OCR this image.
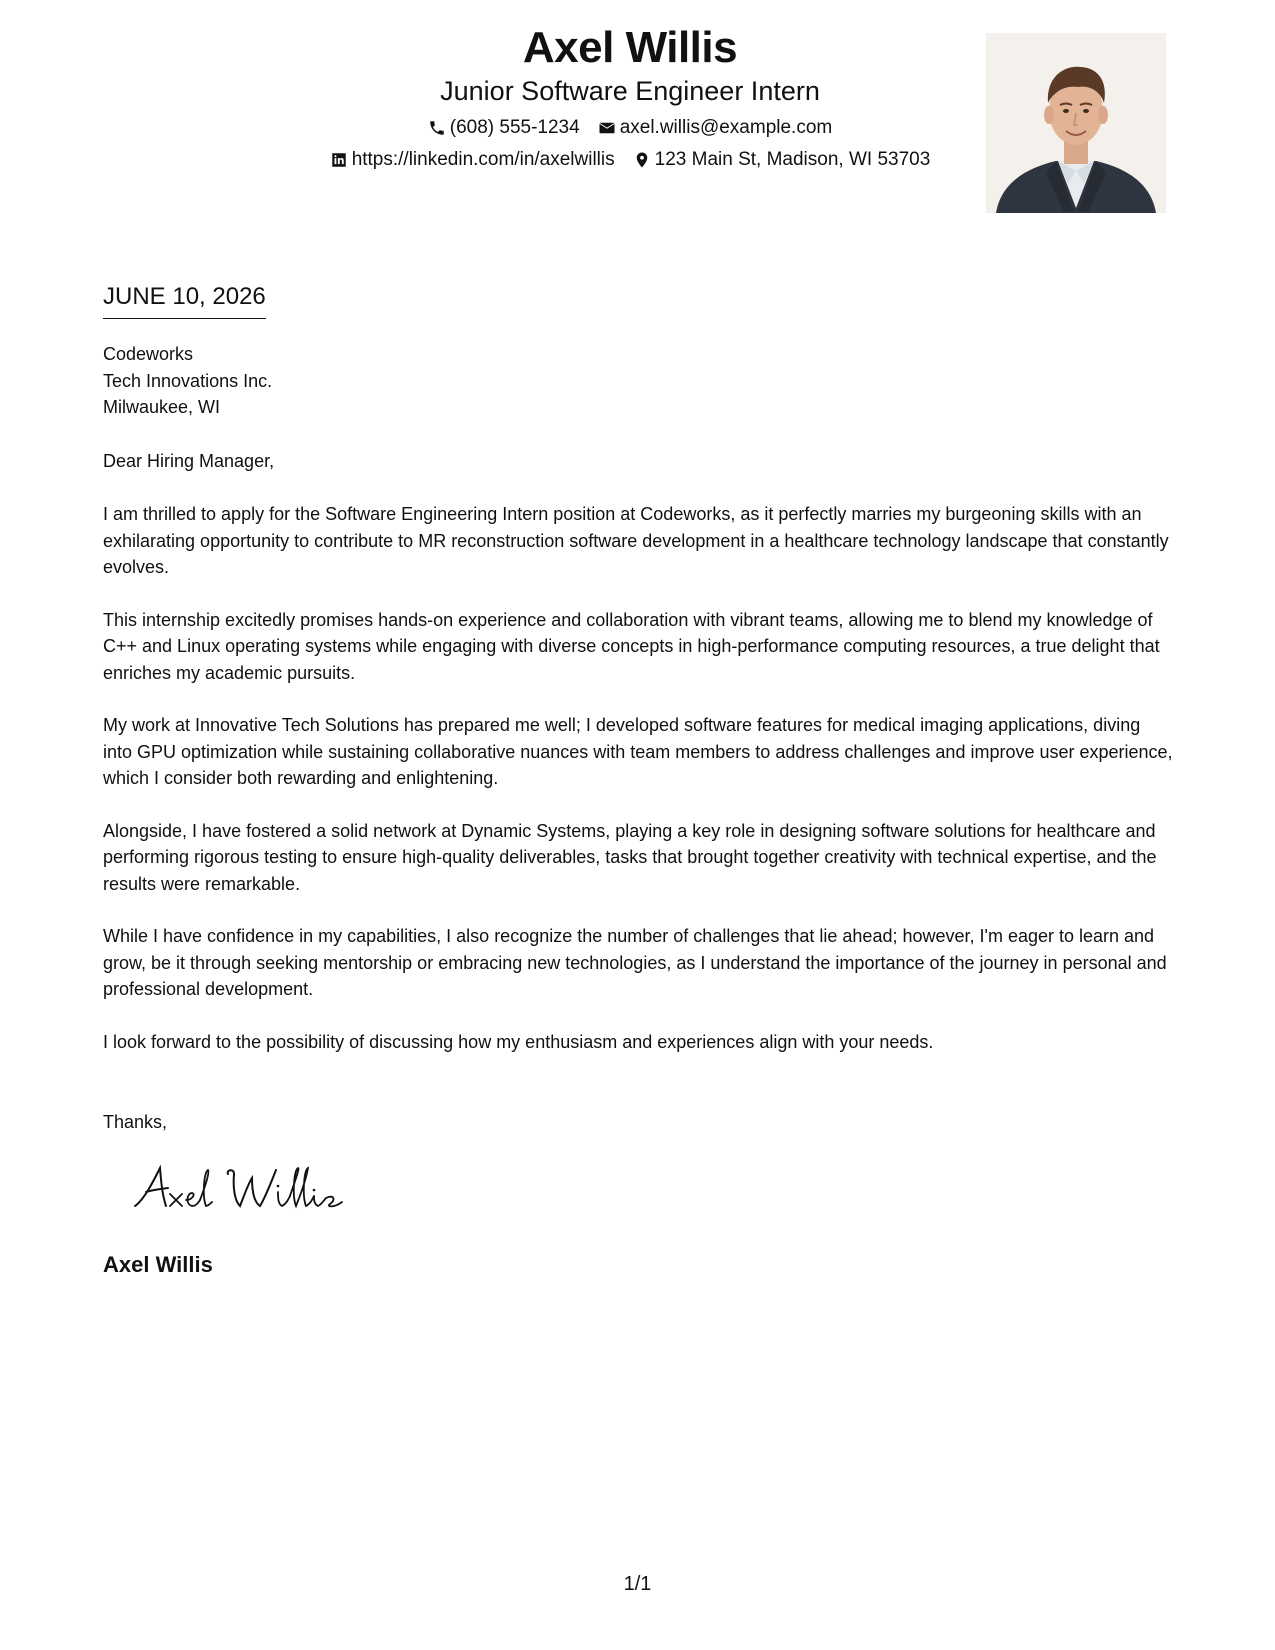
Axel Willis
Junior Software Engineer Intern
(608) 555-1234 axel.willis@example.com
https://linkedin.com/in/axelwillis 123 Main St, Madison, WI 53703
JUNE 10, 2026
Codeworks
Tech Innovations Inc.
Milwaukee, WI
Dear Hiring Manager,

I am thrilled to apply for the Software Engineering Intern position at Codeworks, as it perfectly marries my burgeoning skills with an exhilarating opportunity to contribute to MR reconstruction software development in a healthcare technology landscape that constantly evolves.

This internship excitedly promises hands-on experience and collaboration with vibrant teams, allowing me to blend my knowledge of C++ and Linux operating systems while engaging with diverse concepts in high-performance computing resources, a true delight that enriches my academic pursuits.

My work at Innovative Tech Solutions has prepared me well; I developed software features for medical imaging applications, diving into GPU optimization while sustaining collaborative nuances with team members to address challenges and improve user experience, which I consider both rewarding and enlightening.

Alongside, I have fostered a solid network at Dynamic Systems, playing a key role in designing software solutions for healthcare and performing rigorous testing to ensure high-quality deliverables, tasks that brought together creativity with technical expertise, and the results were remarkable.

While I have confidence in my capabilities, I also recognize the number of challenges that lie ahead; however, I'm eager to learn and grow, be it through seeking mentorship or embracing new technologies, as I understand the importance of the journey in personal and professional development.

I look forward to the possibility of discussing how my enthusiasm and experiences align with your needs.

Thanks,
Axel Willis
1/1
